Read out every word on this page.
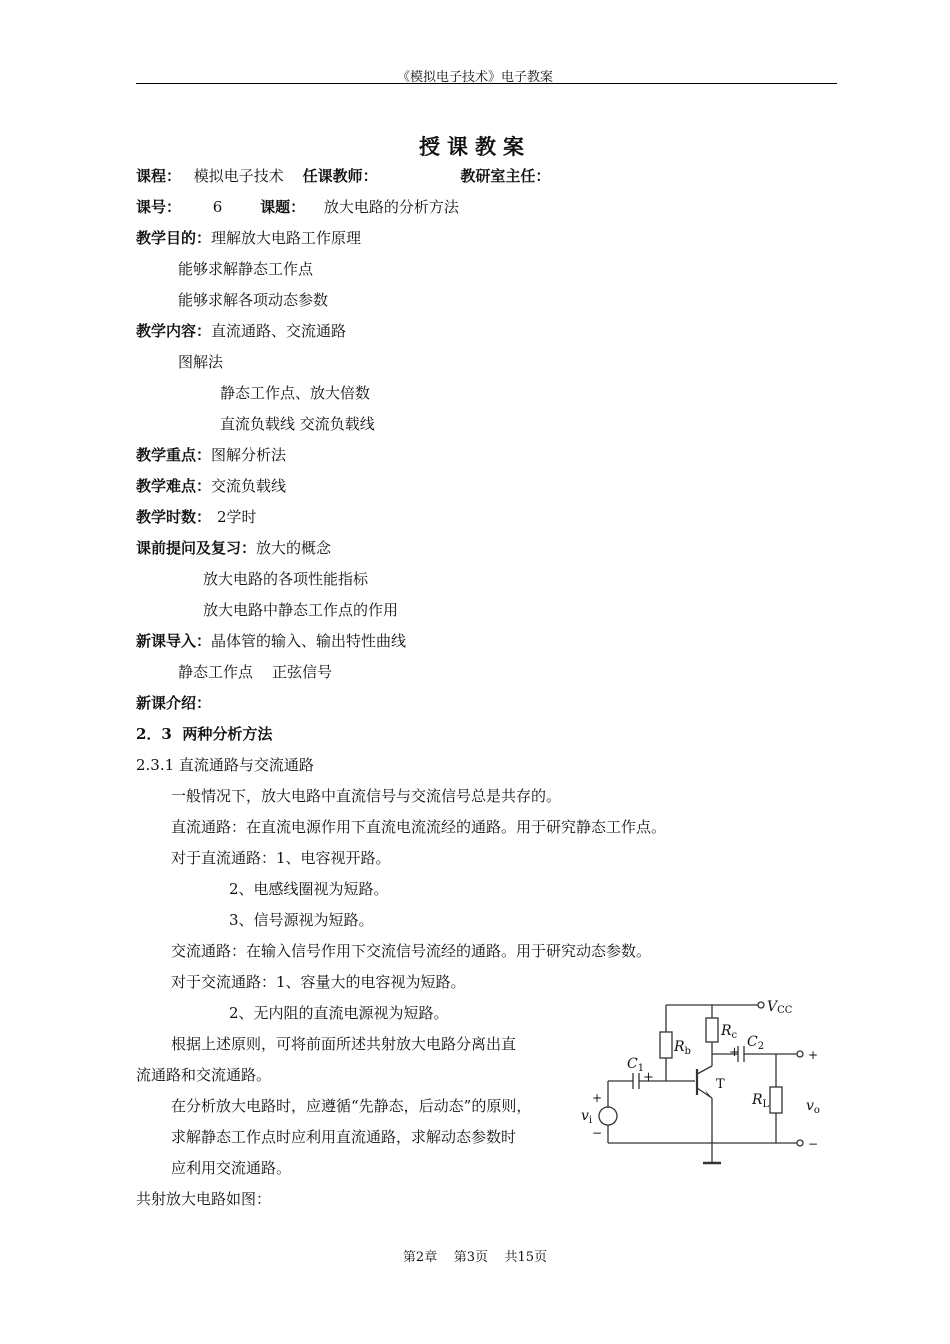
《模拟电子技术》电子教案
授课教案
课程： 模拟电子技术 任课教师：	教研室主任：
课号： 6	课题： 放大电路的分析方法
教学目的：理解放大电路工作原理
能够求解静态工作点
能够求解各项动态参数
教学内容：直流通路、交流通路
图解法
静态工作点、放大倍数
直流负载线 交流负载线
教学重点：图解分析法
教学难点：交流负载线
教学时数： 2学时
课前提问及复习：放大的概念
放大电路的各项性能指标
放大电路中静态工作点的作用
新课导入：晶体管的输入、输出特性曲线
静态工作点    正弦信号
新课介绍：
2．3  两种分析方法
2.3.1 直流通路与交流通路
一般情况下，放大电路中直流信号与交流信号总是共存的。
直流通路：在直流电源作用下直流电流流经的通路。用于研究静态工作点。
对于直流通路：1、电容视开路。
2、电感线圈视为短路。
3、信号源视为短路。
交流通路：在输入信号作用下交流信号流经的通路。用于研究动态参数。
对于交流通路：1、容量大的电容视为短路。
2、无内阻的直流电源视为短路。
根据上述原则，可将前面所述共射放大电路分离出直
流通路和交流通路。
在分析放大电路时，应遵循“先静态，后动态”的原则，
求解静态工作点时应利用直流通路，求解动态参数时
应利用交流通路。
共射放大电路如图：
VCC
$R_b$
$R_c$ $C_2$
+
$C_1$
+	T
$R_L$	$v_o$
+
−
$v_i$
+
−
第2章    第3页    共15页
